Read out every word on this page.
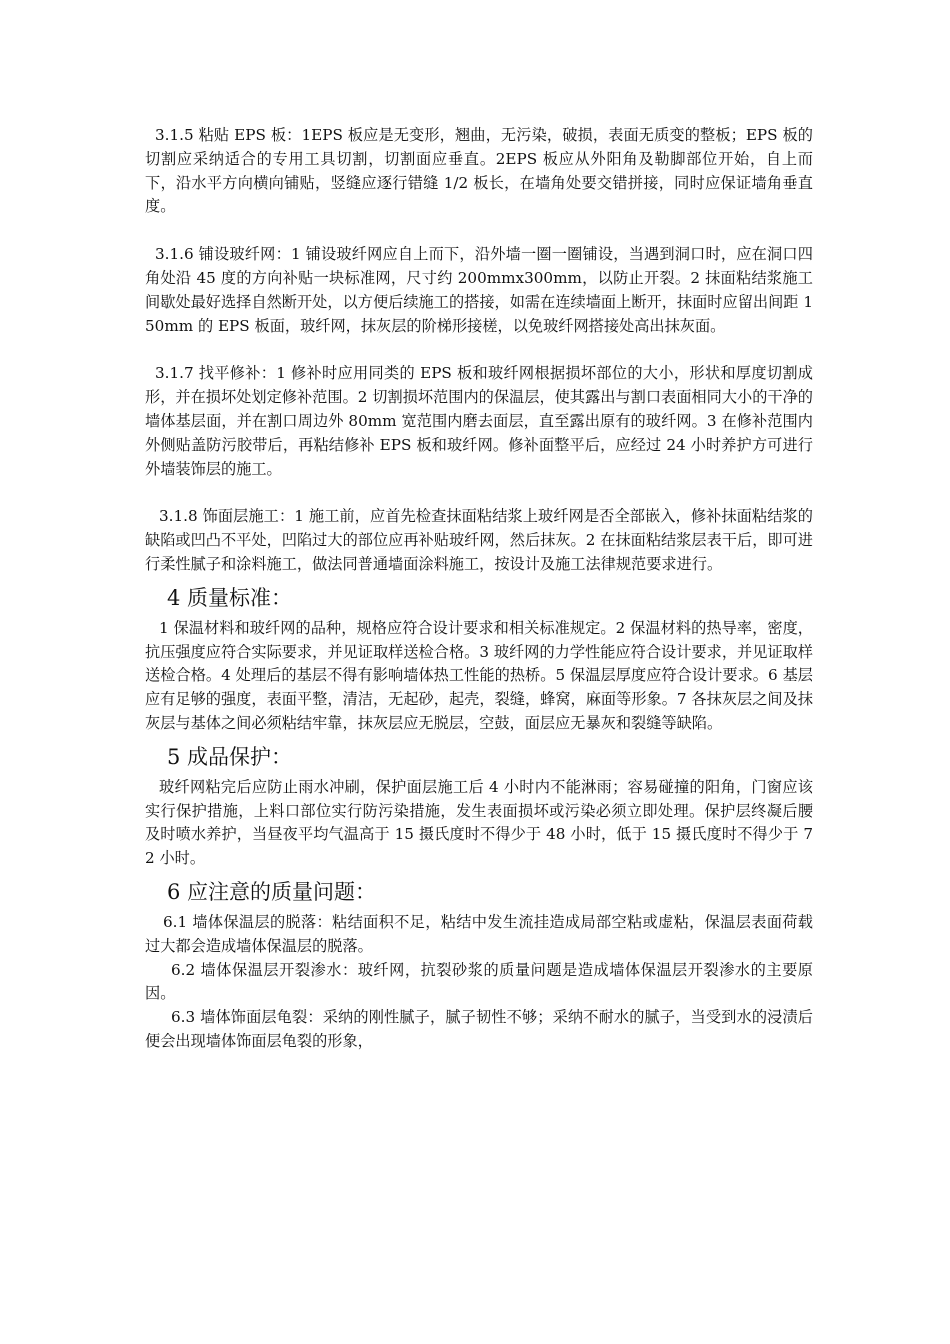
3.1.5 粘贴 EPS 板：1EPS 板应是无变形，翘曲，无污染，破损，表面无质变的整板；EPS 板的切割应采纳适合的专用工具切割，切割面应垂直。2EPS 板应从外阳角及勒脚部位开始，自上而下，沿水平方向横向铺贴，竖缝应逐行错缝 1/2 板长，在墙角处要交错拼接，同时应保证墙角垂直度。

3.1.6 铺设玻纤网：1 铺设玻纤网应自上而下，沿外墙一圈一圈铺设，当遇到洞口时，应在洞口四角处沿 45 度的方向补贴一块标准网，尺寸约 200mmx300mm，以防止开裂。2 抹面粘结浆施工间歇处最好选择自然断开处，以方便后续施工的搭接，如需在连续墙面上断开，抹面时应留出间距 150mm 的 EPS 板面，玻纤网，抹灰层的阶梯形接槎，以免玻纤网搭接处高出抹灰面。

3.1.7 找平修补：1 修补时应用同类的 EPS 板和玻纤网根据损坏部位的大小，形状和厚度切割成形，并在损坏处划定修补范围。2 切割损坏范围内的保温层，使其露出与割口表面相同大小的干净的墙体基层面，并在割口周边外 80mm 宽范围内磨去面层，直至露出原有的玻纤网。3 在修补范围内外侧贴盖防污胶带后，再粘结修补 EPS 板和玻纤网。修补面整平后，应经过 24 小时养护方可进行外墙装饰层的施工。

3.1.8 饰面层施工：1 施工前，应首先检查抹面粘结浆上玻纤网是否全部嵌入，修补抹面粘结浆的缺陷或凹凸不平处，凹陷过大的部位应再补贴玻纤网，然后抹灰。2 在抹面粘结浆层表干后，即可进行柔性腻子和涂料施工，做法同普通墙面涂料施工，按设计及施工法律规范要求进行。

4 质量标准：

1 保温材料和玻纤网的品种，规格应符合设计要求和相关标准规定。2 保温材料的热导率，密度，抗压强度应符合实际要求，并见证取样送检合格。3 玻纤网的力学性能应符合设计要求，并见证取样送检合格。4 处理后的基层不得有影响墙体热工性能的热桥。5 保温层厚度应符合设计要求。6 基层应有足够的强度，表面平整，清洁，无起砂，起壳，裂缝，蜂窝，麻面等形象。7 各抹灰层之间及抹灰层与基体之间必须粘结牢靠，抹灰层应无脱层，空鼓，面层应无暴灰和裂缝等缺陷。

5 成品保护：

玻纤网粘完后应防止雨水冲刷，保护面层施工后 4 小时内不能淋雨；容易碰撞的阳角，门窗应该实行保护措施，上料口部位实行防污染措施，发生表面损坏或污染必须立即处理。保护层终凝后腰及时喷水养护，当昼夜平均气温高于 15 摄氏度时不得少于 48 小时，低于 15 摄氏度时不得少于 72 小时。

6 应注意的质量问题：

6.1 墙体保温层的脱落：粘结面积不足，粘结中发生流挂造成局部空粘或虚粘，保温层表面荷载过大都会造成墙体保温层的脱落。

6.2 墙体保温层开裂渗水：玻纤网，抗裂砂浆的质量问题是造成墙体保温层开裂渗水的主要原因。

6.3 墙体饰面层龟裂：采纳的刚性腻子，腻子韧性不够；采纳不耐水的腻子，当受到水的浸渍后便会出现墙体饰面层龟裂的形象，
